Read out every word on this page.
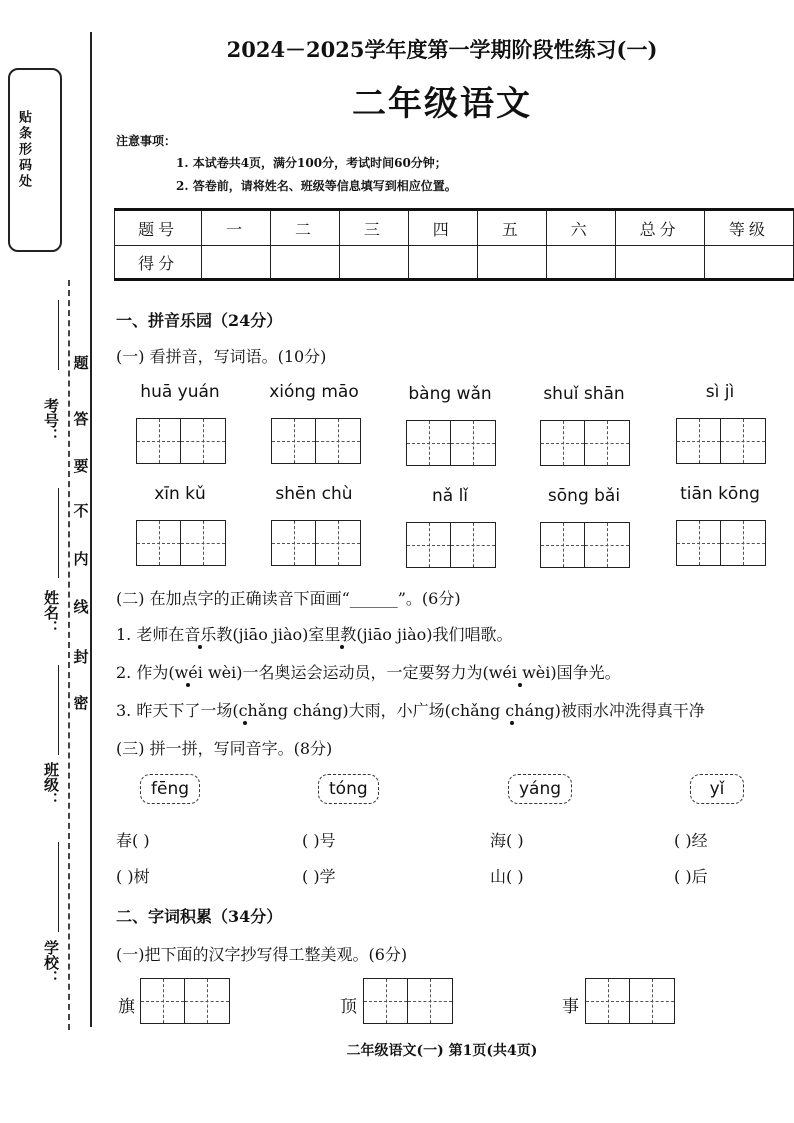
贴条形码处
题
答
要
不
内
线
封
密
考号：
姓名：
班级：
学校：
2024－2025学年度第一学期阶段性练习(一)
二年级语文
注意事项：
1. 本试卷共4页，满分100分，考试时间60分钟；
2. 答卷前，请将姓名、班级等信息填写到相应位置。
题号	一	二	三	四	五	六	总分	等级
得分								
一、拼音乐园（24分）
(一) 看拼音，写词语。(10分)
huā yuán	xióng māo	bàng wǎn	shuǐ shān	sì jì
xīn kǔ	shēn chù	nǎ lǐ	sōng bǎi	tiān kōng
(二) 在加点字的正确读音下面画“______”。(6分)
1. 老师在音乐教(jiāo jiào)室里教(jiāo jiào)我们唱歌。
2. 作为(wéi wèi)一名奥运会运动员，一定要努力为(wéi wèi)国争光。
3. 昨天下了一场(chǎng cháng)大雨，小广场(chǎng cháng)被雨水冲洗得真干净
(三) 拼一拼，写同音字。(8分)
fēng	tóng	yáng	yǐ
春( )	( )号	海( )	( )经
( )树	( )学	山( )	( )后
二、字词积累（34分）
(一)把下面的汉字抄写得工整美观。(6分)
旗	顶	事
二年级语文(一) 第1页(共4页)
